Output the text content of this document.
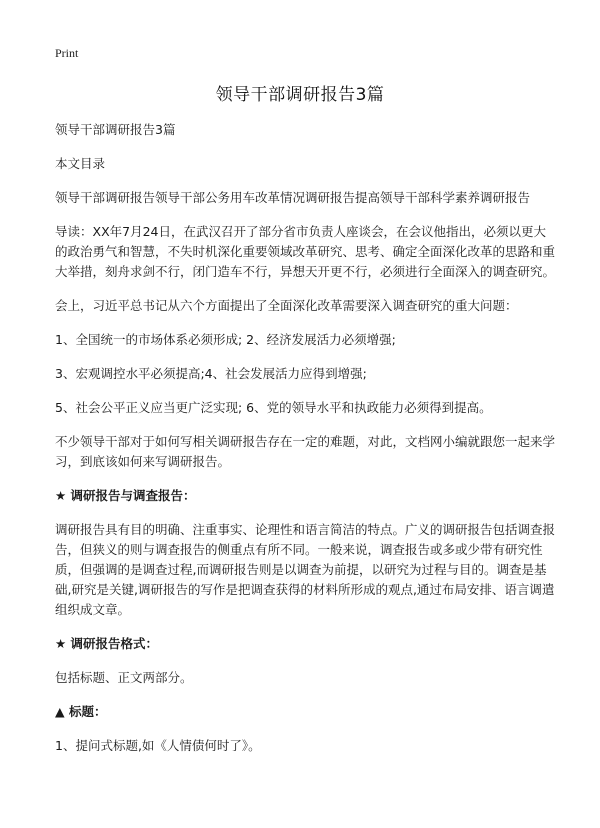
Print
领导干部调研报告3篇

领导干部调研报告3篇

本文目录

领导干部调研报告领导干部公务用车改革情况调研报告提高领导干部科学素养调研报告

导读：XX年7月24日，在武汉召开了部分省市负责人座谈会，在会议他指出，必须以更大的政治勇气和智慧，不失时机深化重要领域改革研究、思考、确定全面深化改革的思路和重大举措，刻舟求剑不行，闭门造车不行，异想天开更不行，必须进行全面深入的调查研究。

会上，习近平总书记从六个方面提出了全面深化改革需要深入调查研究的重大问题：

1、全国统一的市场体系必须形成; 2、经济发展活力必须增强;

3、宏观调控水平必须提高;4、社会发展活力应得到增强;

5、社会公平正义应当更广泛实现; 6、党的领导水平和执政能力必须得到提高。

不少领导干部对于如何写相关调研报告存在一定的难题，对此，文档网小编就跟您一起来学习，到底该如何来写调研报告。

★ 调研报告与调查报告：

调研报告具有目的明确、注重事实、论理性和语言简洁的特点。广义的调研报告包括调查报告，但狭义的则与调查报告的侧重点有所不同。一般来说，调查报告或多或少带有研究性质，但强调的是调查过程,而调研报告则是以调查为前提，以研究为过程与目的。调查是基础,研究是关键,调研报告的写作是把调查获得的材料所形成的观点,通过布局安排、语言调遣组织成文章。

★ 调研报告格式：

包括标题、正文两部分。

▲ 标题：

1、提问式标题,如《人情债何时了》。
